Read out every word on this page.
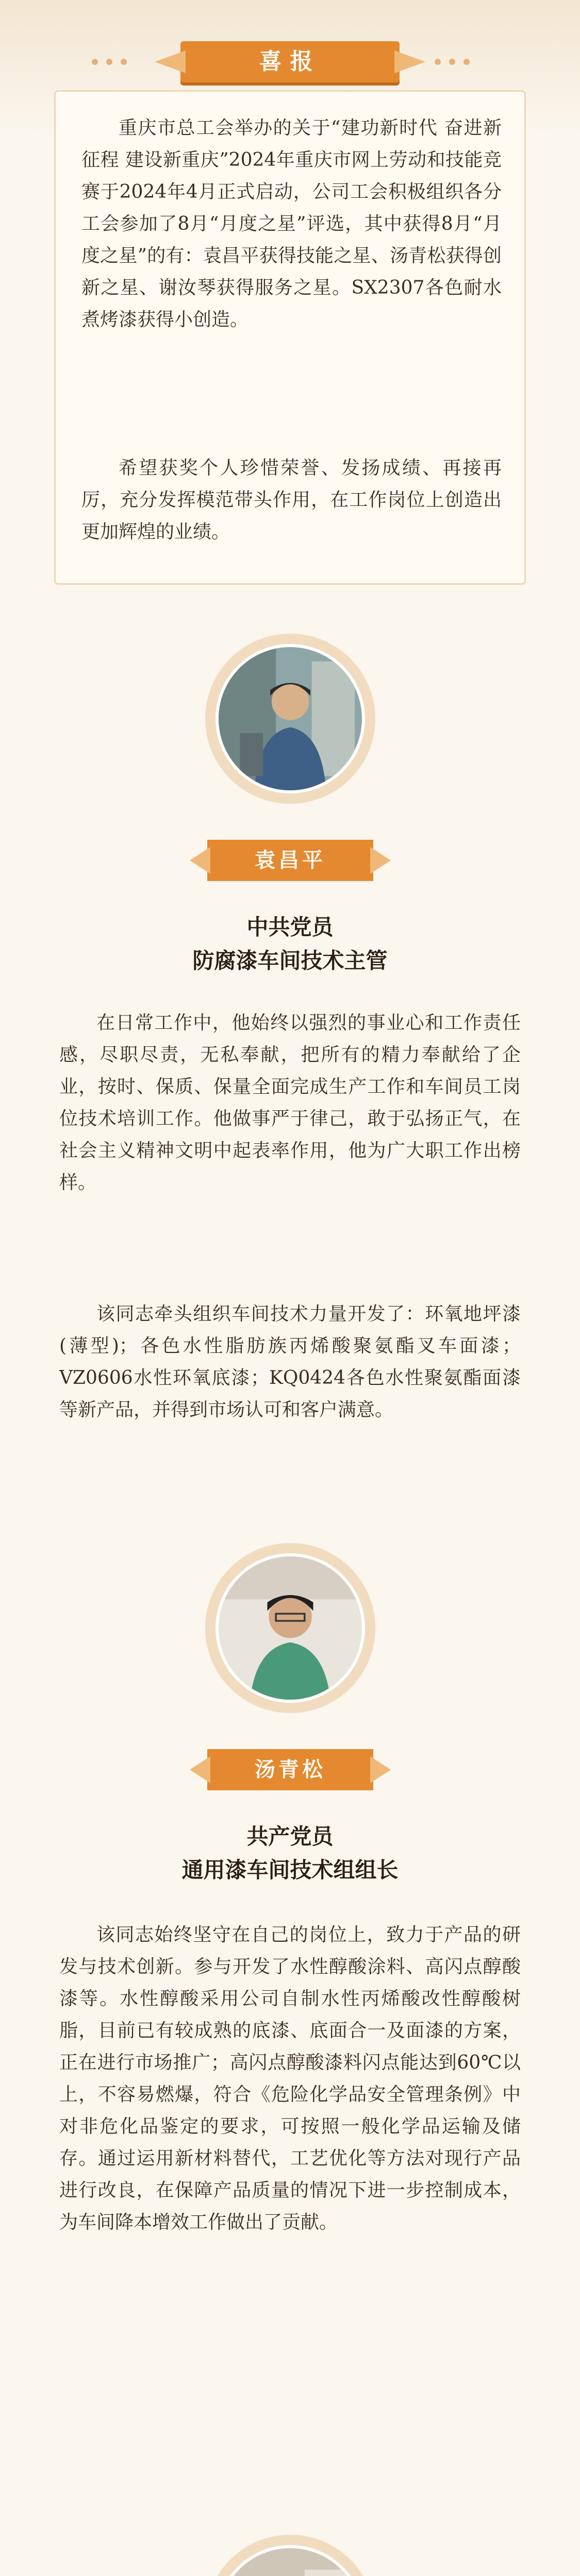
喜报

重庆市总工会举办的关于“建功新时代 奋进新征程 建设新重庆”2024年重庆市网上劳动和技能竞赛于2024年4月正式启动，公司工会积极组织各分工会参加了8月“月度之星”评选，其中获得8月“月度之星”的有：袁昌平获得技能之星、汤青松获得创新之星、谢汝琴获得服务之星。SX2307各色耐水煮烤漆获得小创造。

希望获奖个人珍惜荣誉、发扬成绩、再接再厉，充分发挥模范带头作用，在工作岗位上创造出更加辉煌的业绩。

袁昌平
中共党员
防腐漆车间技术主管

在日常工作中，他始终以强烈的事业心和工作责任感，尽职尽责，无私奉献，把所有的精力奉献给了企业，按时、保质、保量全面完成生产工作和车间员工岗位技术培训工作。他做事严于律己，敢于弘扬正气，在社会主义精神文明中起表率作用，他为广大职工作出榜样。

该同志牵头组织车间技术力量开发了：环氧地坪漆(薄型)；各色水性脂肪族丙烯酸聚氨酯叉车面漆；VZ0606水性环氧底漆；KQ0424各色水性聚氨酯面漆等新产品，并得到市场认可和客户满意。

汤青松
共产党员
通用漆车间技术组组长

该同志始终坚守在自己的岗位上，致力于产品的研发与技术创新。参与开发了水性醇酸涂料、高闪点醇酸漆等。水性醇酸采用公司自制水性丙烯酸改性醇酸树脂，目前已有较成熟的底漆、底面合一及面漆的方案，正在进行市场推广；高闪点醇酸漆料闪点能达到60℃以上，不容易燃爆，符合《危险化学品安全管理条例》中对非危化品鉴定的要求，可按照一般化学品运输及储存。通过运用新材料替代，工艺优化等方法对现行产品进行改良，在保障产品质量的情况下进一步控制成本，为车间降本增效工作做出了贡献。
